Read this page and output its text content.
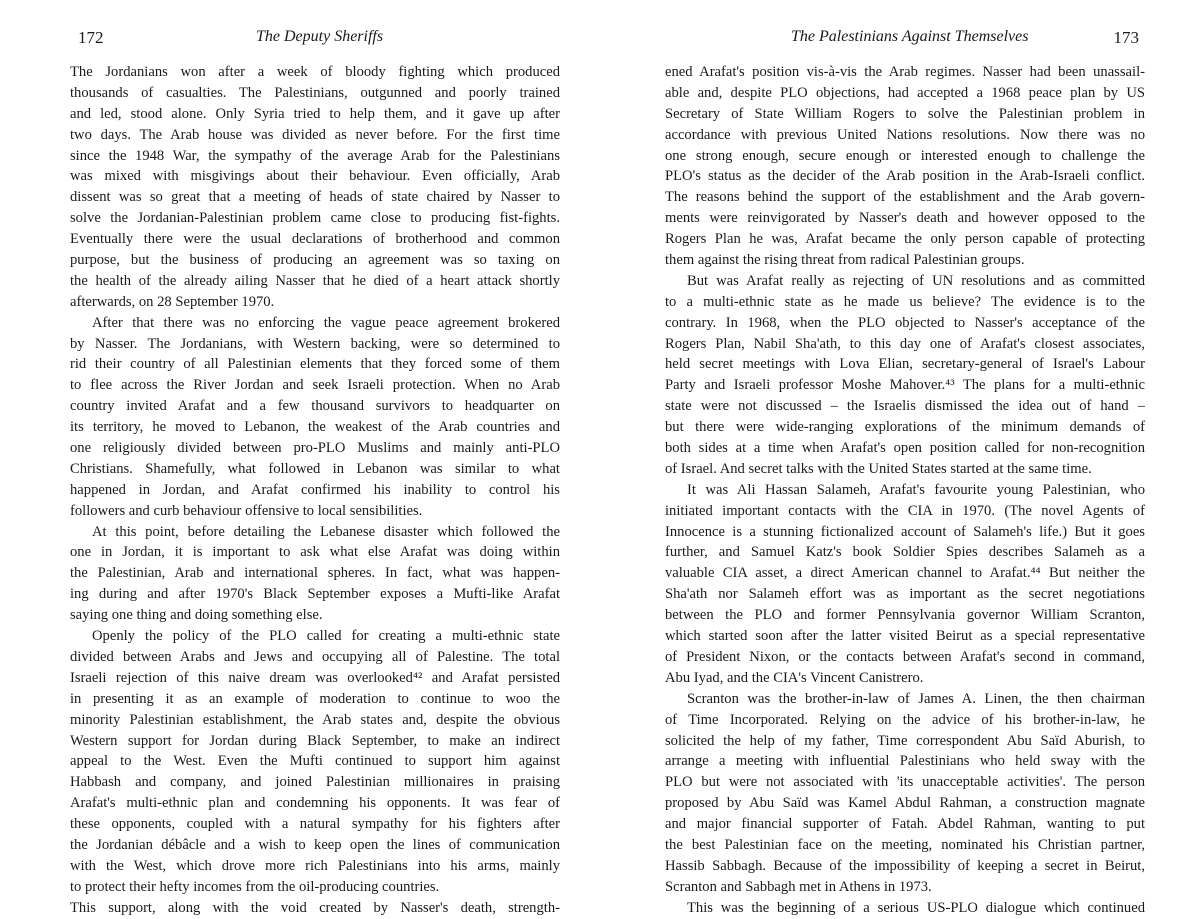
172	The Deputy Sheriffs
The Jordanians won after a week of bloody fighting which produced
thousands of casualties. The Palestinians, outgunned and poorly trained
and led, stood alone. Only Syria tried to help them, and it gave up after
two days. The Arab house was divided as never before. For the first time
since the 1948 War, the sympathy of the average Arab for the Palestinians
was mixed with misgivings about their behaviour. Even officially, Arab
dissent was so great that a meeting of heads of state chaired by Nasser to
solve the Jordanian-Palestinian problem came close to producing fist-fights.
Eventually there were the usual declarations of brotherhood and common
purpose, but the business of producing an agreement was so taxing on
the health of the already ailing Nasser that he died of a heart attack shortly
afterwards, on 28 September 1970.
After that there was no enforcing the vague peace agreement brokered
by Nasser. The Jordanians, with Western backing, were so determined to
rid their country of all Palestinian elements that they forced some of them
to flee across the River Jordan and seek Israeli protection. When no Arab
country invited Arafat and a few thousand survivors to headquarter on
its territory, he moved to Lebanon, the weakest of the Arab countries and
one religiously divided between pro-PLO Muslims and mainly anti-PLO
Christians. Shamefully, what followed in Lebanon was similar to what
happened in Jordan, and Arafat confirmed his inability to control his
followers and curb behaviour offensive to local sensibilities.
At this point, before detailing the Lebanese disaster which followed the
one in Jordan, it is important to ask what else Arafat was doing within
the Palestinian, Arab and international spheres. In fact, what was happen-
ing during and after 1970's Black September exposes a Mufti-like Arafat
saying one thing and doing something else.
Openly the policy of the PLO called for creating a multi-ethnic state
divided between Arabs and Jews and occupying all of Palestine. The total
Israeli rejection of this naive dream was overlooked⁴² and Arafat persisted
in presenting it as an example of moderation to continue to woo the
minority Palestinian establishment, the Arab states and, despite the obvious
Western support for Jordan during Black September, to make an indirect
appeal to the West. Even the Mufti continued to support him against
Habbash and company, and joined Palestinian millionaires in praising
Arafat's multi-ethnic plan and condemning his opponents. It was fear of
these opponents, coupled with a natural sympathy for his fighters after
the Jordanian débâcle and a wish to keep open the lines of communication
with the West, which drove more rich Palestinians into his arms, mainly
to protect their hefty incomes from the oil-producing countries.
This support, along with the void created by Nasser's death, strength-
The Palestinians Against Themselves	173
ened Arafat's position vis-à-vis the Arab regimes. Nasser had been unassail-
able and, despite PLO objections, had accepted a 1968 peace plan by US
Secretary of State William Rogers to solve the Palestinian problem in
accordance with previous United Nations resolutions. Now there was no
one strong enough, secure enough or interested enough to challenge the
PLO's status as the decider of the Arab position in the Arab-Israeli conflict.
The reasons behind the support of the establishment and the Arab govern-
ments were reinvigorated by Nasser's death and however opposed to the
Rogers Plan he was, Arafat became the only person capable of protecting
them against the rising threat from radical Palestinian groups.
But was Arafat really as rejecting of UN resolutions and as committed
to a multi-ethnic state as he made us believe? The evidence is to the
contrary. In 1968, when the PLO objected to Nasser's acceptance of the
Rogers Plan, Nabil Sha'ath, to this day one of Arafat's closest associates,
held secret meetings with Lova Elian, secretary-general of Israel's Labour
Party and Israeli professor Moshe Mahover.⁴³ The plans for a multi-ethnic
state were not discussed – the Israelis dismissed the idea out of hand –
but there were wide-ranging explorations of the minimum demands of
both sides at a time when Arafat's open position called for non-recognition
of Israel. And secret talks with the United States started at the same time.
It was Ali Hassan Salameh, Arafat's favourite young Palestinian, who
initiated important contacts with the CIA in 1970. (The novel Agents of
Innocence is a stunning fictionalized account of Salameh's life.) But it goes
further, and Samuel Katz's book Soldier Spies describes Salameh as a
valuable CIA asset, a direct American channel to Arafat.⁴⁴ But neither the
Sha'ath nor Salameh effort was as important as the secret negotiations
between the PLO and former Pennsylvania governor William Scranton,
which started soon after the latter visited Beirut as a special representative
of President Nixon, or the contacts between Arafat's second in command,
Abu Iyad, and the CIA's Vincent Canistrero.
Scranton was the brother-in-law of James A. Linen, the then chairman
of Time Incorporated. Relying on the advice of his brother-in-law, he
solicited the help of my father, Time correspondent Abu Saïd Aburish, to
arrange a meeting with influential Palestinians who held sway with the
PLO but were not associated with 'its unacceptable activities'. The person
proposed by Abu Saïd was Kamel Abdul Rahman, a construction magnate
and major financial supporter of Fatah. Abdel Rahman, wanting to put
the best Palestinian face on the meeting, nominated his Christian partner,
Hassib Sabbagh. Because of the impossibility of keeping a secret in Beirut,
Scranton and Sabbagh met in Athens in 1973.
This was the beginning of a serious US-PLO dialogue which continued
